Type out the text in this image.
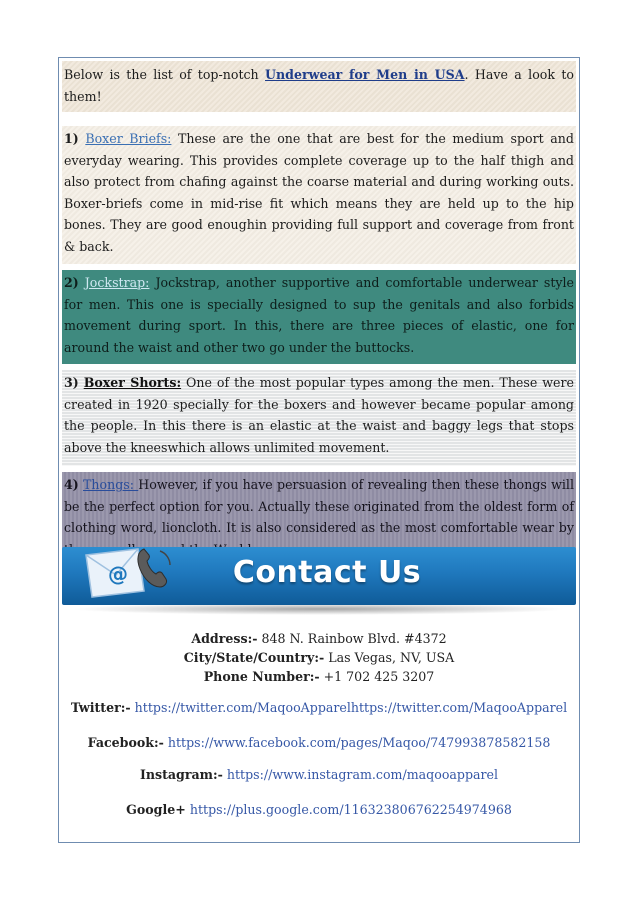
Below is the list of top-notch Underwear for Men in USA. Have a look to them!
1) Boxer Briefs: These are the one that are best for the medium sport and everyday wearing. This provides complete coverage up to the half thigh and also protect from chafing against the coarse material and during working outs. Boxer-briefs come in mid-rise fit which means they are held up to the hip bones. They are good enoughin providing full support and coverage from front & back.
2) Jockstrap: Jockstrap, another supportive and comfortable underwear style for men. This one is specially designed to sup the genitals and also forbids movement during sport. In this, there are three pieces of elastic, one for around the waist and other two go under the buttocks.
3) Boxer Shorts: One of the most popular types among the men. These were created in 1920 specially for the boxers and however became popular among the people. In this there is an elastic at the waist and baggy legs that stops above the kneeswhich allows unlimited movement.
4) Thongs: However, if you have persuasion of revealing then these thongs will be the perfect option for you. Actually these originated from the oldest form of clothing word, lioncloth. It is also considered as the most comfortable wear by
@	Contact Us
Address:- 848 N. Rainbow Blvd. #4372
City/State/Country:- Las Vegas, NV, USA
Phone Number:- +1 702 425 3207
Twitter:- https://twitter.com/MaqooApparelhttps://twitter.com/MaqooApparel
Facebook:- https://www.facebook.com/pages/Maqoo/747993878582158
Instagram:- https://www.instagram.com/maqooapparel
Google+ https://plus.google.com/116323806762254974968
